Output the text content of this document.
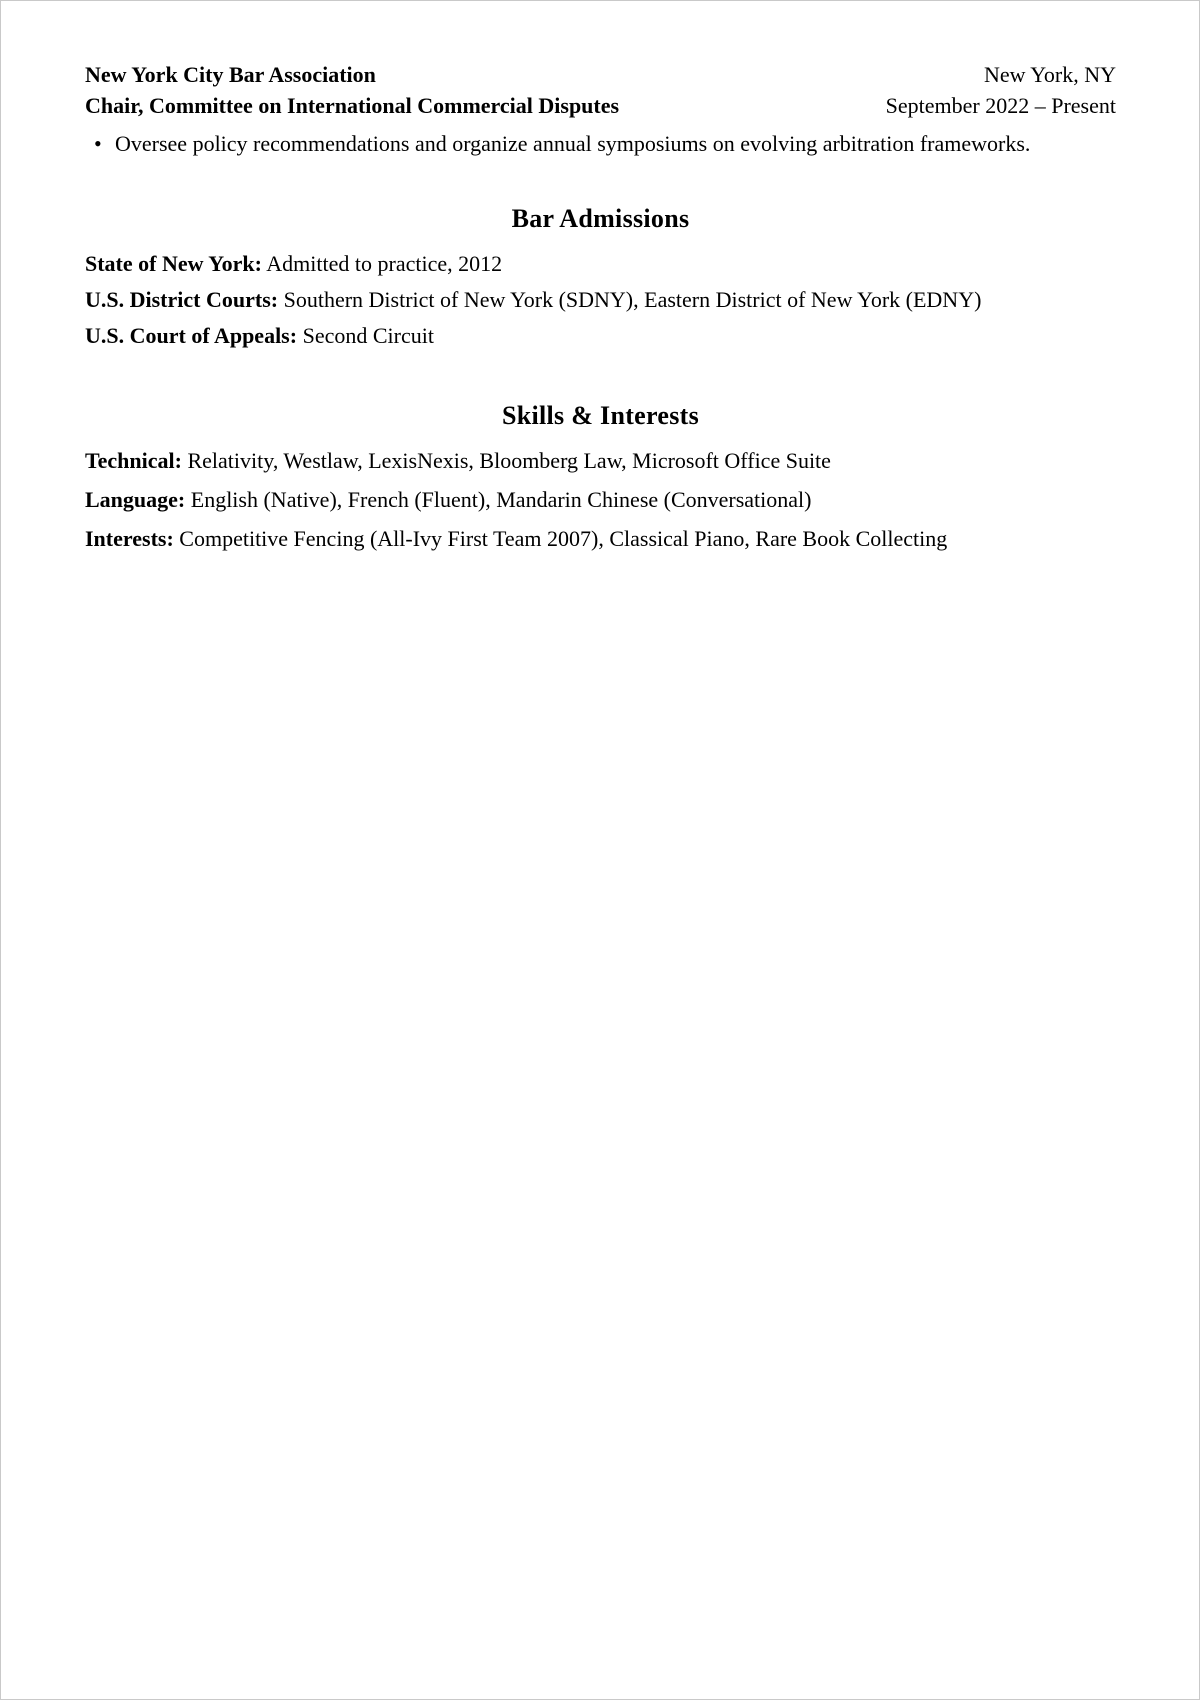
New York City Bar Association	New York, NY
Chair, Committee on International Commercial Disputes	September 2022 – Present
• Oversee policy recommendations and organize annual symposiums on evolving arbitration frameworks.
Bar Admissions
State of New York: Admitted to practice, 2012
U.S. District Courts: Southern District of New York (SDNY), Eastern District of New York (EDNY)
U.S. Court of Appeals: Second Circuit
Skills & Interests
Technical: Relativity, Westlaw, LexisNexis, Bloomberg Law, Microsoft Office Suite
Language: English (Native), French (Fluent), Mandarin Chinese (Conversational)
Interests: Competitive Fencing (All-Ivy First Team 2007), Classical Piano, Rare Book Collecting
